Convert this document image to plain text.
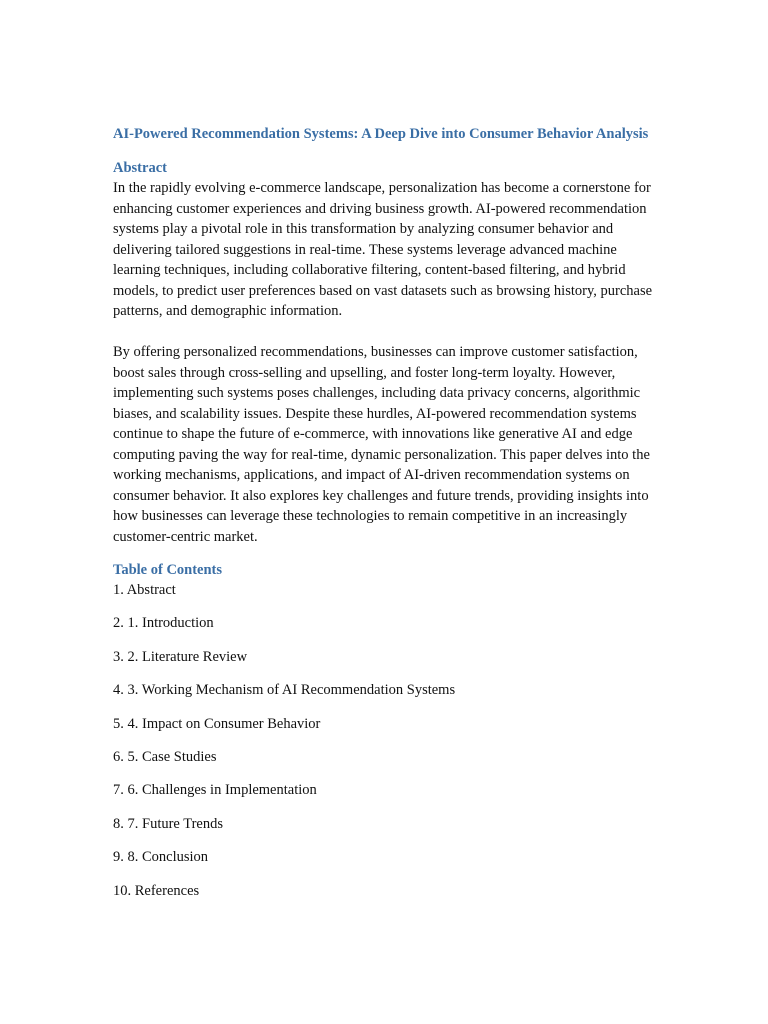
AI-Powered Recommendation Systems: A Deep Dive into Consumer Behavior Analysis
Abstract

In the rapidly evolving e-commerce landscape, personalization has become a cornerstone for enhancing customer experiences and driving business growth. AI-powered recommendation systems play a pivotal role in this transformation by analyzing consumer behavior and delivering tailored suggestions in real-time. These systems leverage advanced machine learning techniques, including collaborative filtering, content-based filtering, and hybrid models, to predict user preferences based on vast datasets such as browsing history, purchase patterns, and demographic information.

By offering personalized recommendations, businesses can improve customer satisfaction, boost sales through cross-selling and upselling, and foster long-term loyalty. However, implementing such systems poses challenges, including data privacy concerns, algorithmic biases, and scalability issues. Despite these hurdles, AI-powered recommendation systems continue to shape the future of e-commerce, with innovations like generative AI and edge computing paving the way for real-time, dynamic personalization. This paper delves into the working mechanisms, applications, and impact of AI-driven recommendation systems on consumer behavior. It also explores key challenges and future trends, providing insights into how businesses can leverage these technologies to remain competitive in an increasingly customer-centric market.

Table of Contents
1. Abstract
2. 1. Introduction
3. 2. Literature Review
4. 3. Working Mechanism of AI Recommendation Systems
5. 4. Impact on Consumer Behavior
6. 5. Case Studies
7. 6. Challenges in Implementation
8. 7. Future Trends
9. 8. Conclusion
10. References
